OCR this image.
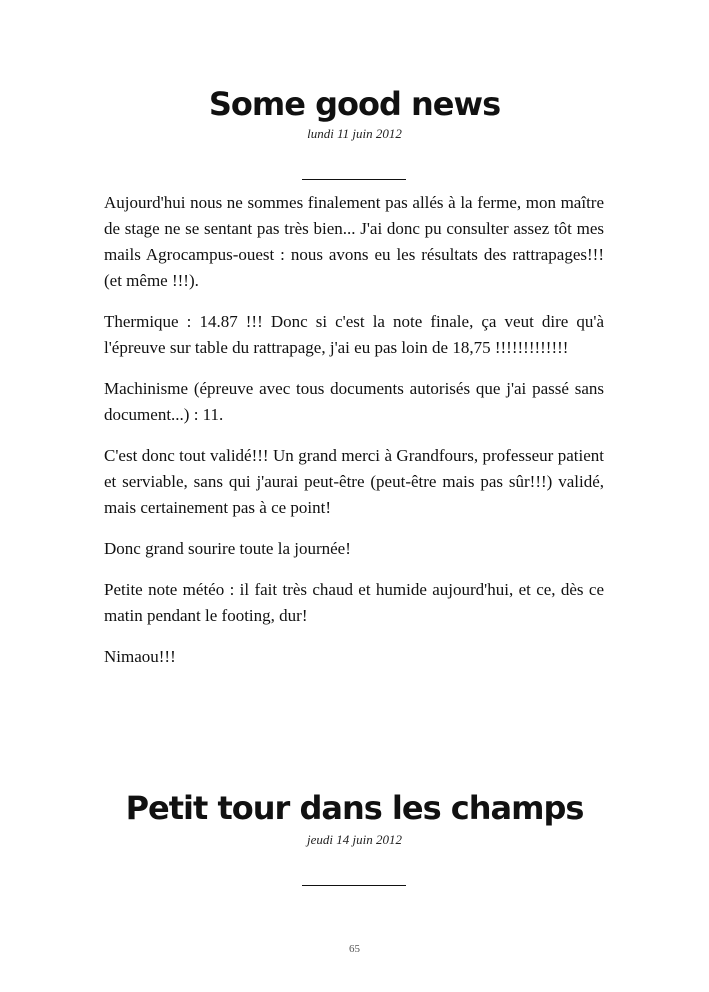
Some good news
lundi 11 juin 2012

Aujourd'hui nous ne sommes finalement pas allés à la ferme, mon maître de stage ne se sentant pas très bien... J'ai donc pu consulter assez tôt mes mails Agrocampus-ouest : nous avons eu les résultats des rattrapages!!! (et même !!!).

Thermique : 14.87 !!! Donc si c'est la note finale, ça veut dire qu'à l'épreuve sur table du rattrapage, j'ai eu pas loin de 18,75 !!!!!!!!!!!!!

Machinisme (épreuve avec tous documents autorisés que j'ai passé sans document...) : 11.

C'est donc tout validé!!! Un grand merci à Grandfours, professeur patient et serviable, sans qui j'aurai peut-être (peut-être mais pas sûr!!!) validé, mais certainement pas à ce point!

Donc grand sourire toute la journée!

Petite note météo : il fait très chaud et humide aujourd'hui, et ce, dès ce matin pendant le footing, dur!

Nimaou!!!

Petit tour dans les champs
jeudi 14 juin 2012
65
